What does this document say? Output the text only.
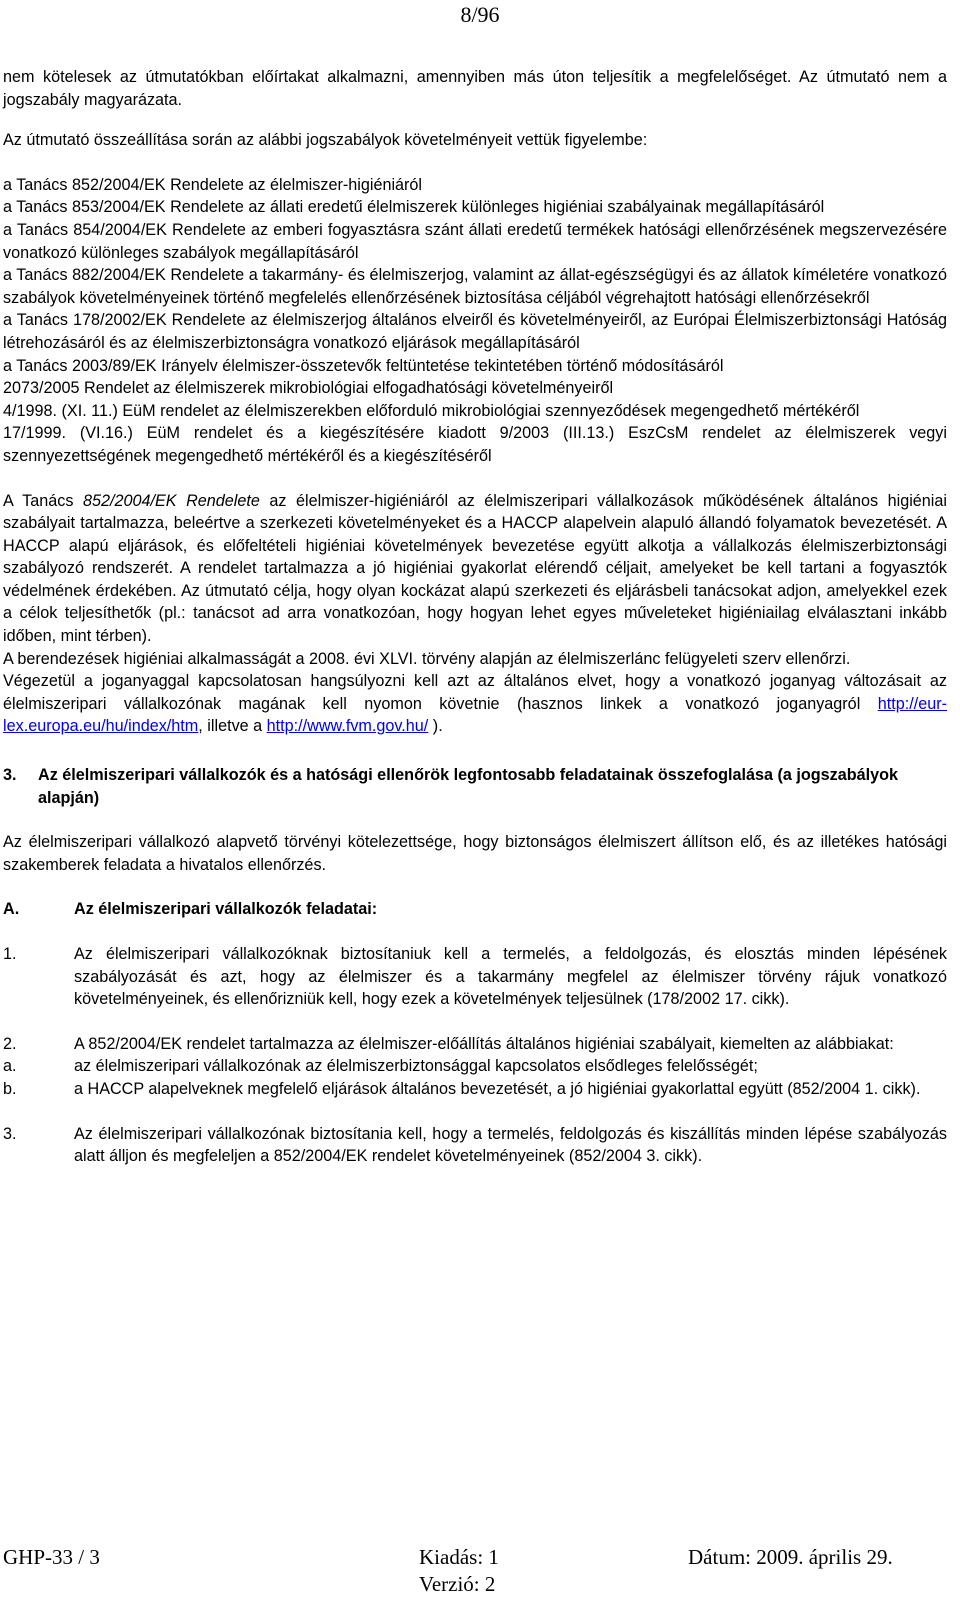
8/96

nem kötelesek az útmutatókban előírtakat alkalmazni, amennyiben más úton teljesítik a megfelelőséget. Az útmutató nem a jogszabály magyarázata.

Az útmutató összeállítása során az alábbi jogszabályok követelményeit vettük figyelembe:

a Tanács 852/2004/EK Rendelete az élelmiszer-higiéniáról

a Tanács 853/2004/EK Rendelete az állati eredetű élelmiszerek különleges higiéniai szabályainak megállapításáról

a Tanács 854/2004/EK Rendelete az emberi fogyasztásra szánt állati eredetű termékek hatósági ellenőrzésének megszervezésére vonatkozó különleges szabályok megállapításáról

a Tanács 882/2004/EK Rendelete a takarmány- és élelmiszerjog, valamint az állat-egészségügyi és az állatok kíméletére vonatkozó szabályok követelményeinek történő megfelelés ellenőrzésének biztosítása céljából végrehajtott hatósági ellenőrzésekről

a Tanács 178/2002/EK Rendelete az élelmiszerjog általános elveiről és követelményeiről, az Európai Élelmiszerbiztonsági Hatóság létrehozásáról és az élelmiszerbiztonságra vonatkozó eljárások megállapításáról

a Tanács 2003/89/EK Irányelv élelmiszer-összetevők feltüntetése tekintetében történő módosításáról

2073/2005 Rendelet az élelmiszerek mikrobiológiai elfogadhatósági követelményeiről

4/1998. (XI. 11.) EüM rendelet az élelmiszerekben előforduló mikrobiológiai szennyeződések megengedhető mértékéről

17/1999. (VI.16.) EüM rendelet és a kiegészítésére kiadott 9/2003 (III.13.) EszCsM rendelet az élelmiszerek vegyi szennyezettségének megengedhető mértékéről és a kiegészítéséről

A Tanács 852/2004/EK Rendelete az élelmiszer-higiéniáról az élelmiszeripari vállalkozások működésének általános higiéniai szabályait tartalmazza, beleértve a szerkezeti követelményeket és a HACCP alapelvein alapuló állandó folyamatok bevezetését. A HACCP alapú eljárások, és előfeltételi higiéniai követelmények bevezetése együtt alkotja a vállalkozás élelmiszerbiztonsági szabályozó rendszerét. A rendelet tartalmazza a jó higiéniai gyakorlat elérendő céljait, amelyeket be kell tartani a fogyasztók védelmének érdekében. Az útmutató célja, hogy olyan kockázat alapú szerkezeti és eljárásbeli tanácsokat adjon, amelyekkel ezek a célok teljesíthetők (pl.: tanácsot ad arra vonatkozóan, hogy hogyan lehet egyes műveleteket higiéniailag elválasztani inkább időben, mint térben).

A berendezések higiéniai alkalmasságát a 2008. évi XLVI. törvény alapján az élelmiszerlánc felügyeleti szerv ellenőrzi.

Végezetül a joganyaggal kapcsolatosan hangsúlyozni kell azt az általános elvet, hogy a vonatkozó joganyag változásait az élelmiszeripari vállalkozónak magának kell nyomon követnie (hasznos linkek a vonatkozó joganyagról http://eur-lex.europa.eu/hu/index/htm, illetve a http://www.fvm.gov.hu/ ).

3.	Az élelmiszeripari vállalkozók és a hatósági ellenőrök legfontosabb feladatainak összefoglalása (a jogszabályok alapján)

Az élelmiszeripari vállalkozó alapvető törvényi kötelezettsége, hogy biztonságos élelmiszert állítson elő, és az illetékes hatósági szakemberek feladata a hivatalos ellenőrzés.

A.	Az élelmiszeripari vállalkozók feladatai:
1.	Az élelmiszeripari vállalkozóknak biztosítaniuk kell a termelés, a feldolgozás, és elosztás minden lépésének szabályozását és azt, hogy az élelmiszer és a takarmány megfelel az élelmiszer törvény rájuk vonatkozó követelményeinek, és ellenőrizniük kell, hogy ezek a követelmények teljesülnek (178/2002 17. cikk).
2.	A 852/2004/EK rendelet tartalmazza az élelmiszer-előállítás általános higiéniai szabályait, kiemelten az alábbiakat:
a.	az élelmiszeripari vállalkozónak az élelmiszerbiztonsággal kapcsolatos elsődleges felelősségét;
b.	a HACCP alapelveknek megfelelő eljárások általános bevezetését, a jó higiéniai gyakorlattal együtt (852/2004 1. cikk).
3.	Az élelmiszeripari vállalkozónak biztosítania kell, hogy a termelés, feldolgozás és kiszállítás minden lépése szabályozás alatt álljon és megfeleljen a 852/2004/EK rendelet követelményeinek (852/2004 3. cikk).
GHP-33 / 3	Kiadás: 1
Verzió: 2
Dátum: 2009. április 29.
